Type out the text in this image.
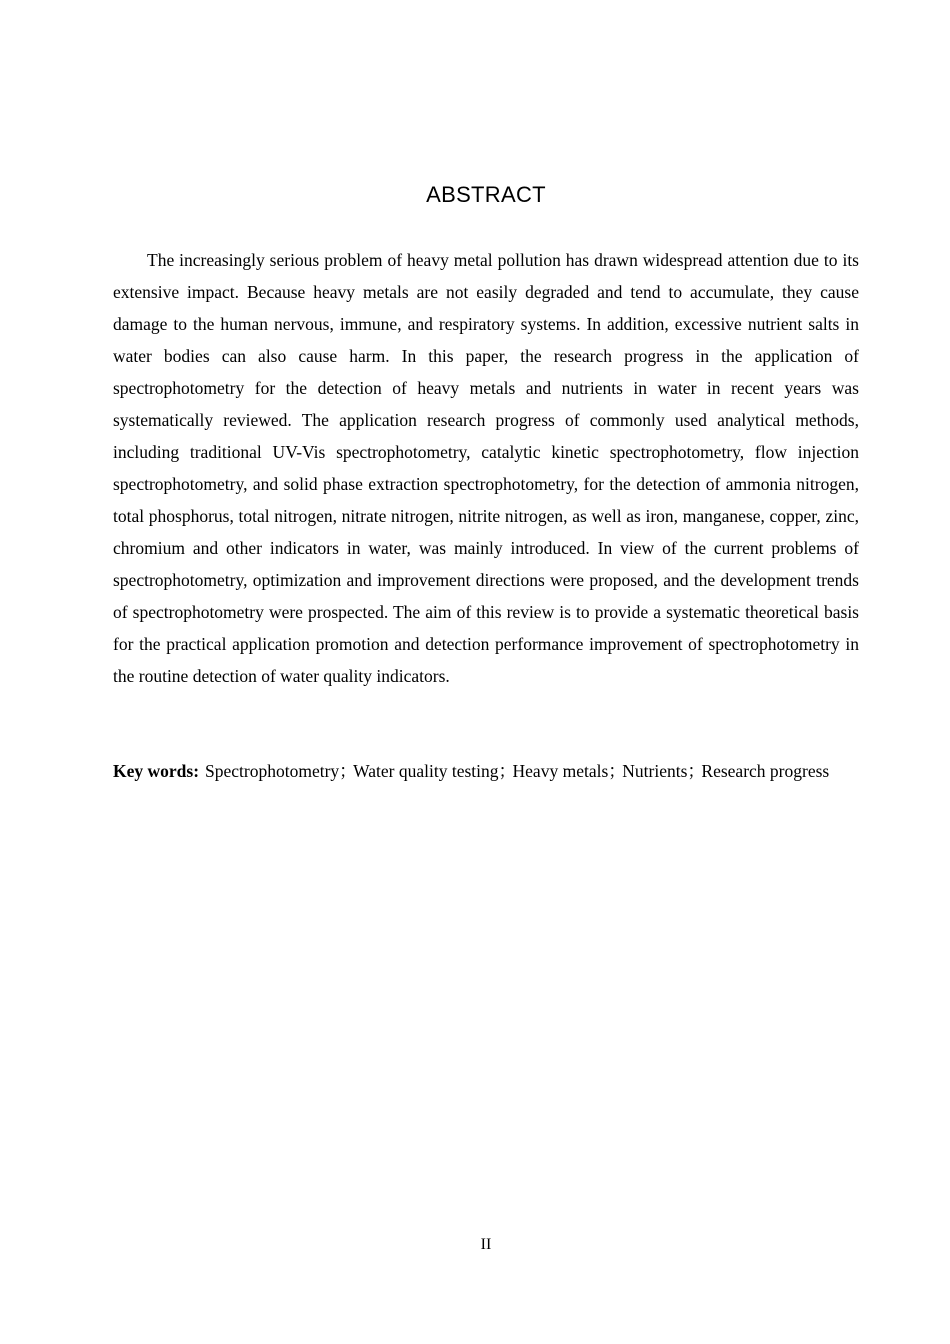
ABSTRACT

The increasingly serious problem of heavy metal pollution has drawn widespread attention due to its extensive impact. Because heavy metals are not easily degraded and tend to accumulate, they cause damage to the human nervous, immune, and respiratory systems. In addition, excessive nutrient salts in water bodies can also cause harm. In this paper, the research progress in the application of spectrophotometry for the detection of heavy metals and nutrients in water in recent years was systematically reviewed. The application research progress of commonly used analytical methods, including traditional UV-Vis spectrophotometry, catalytic kinetic spectrophotometry, flow injection spectrophotometry, and solid phase extraction spectrophotometry, for the detection of ammonia nitrogen, total phosphorus, total nitrogen, nitrate nitrogen, nitrite nitrogen, as well as iron, manganese, copper, zinc, chromium and other indicators in water, was mainly introduced. In view of the current problems of spectrophotometry, optimization and improvement directions were proposed, and the development trends of spectrophotometry were prospected. The aim of this review is to provide a systematic theoretical basis for the practical application promotion and detection performance improvement of spectrophotometry in the routine detection of water quality indicators.

Key words: Spectrophotometry；Water quality testing；Heavy metals；Nutrients；Research progress

II
